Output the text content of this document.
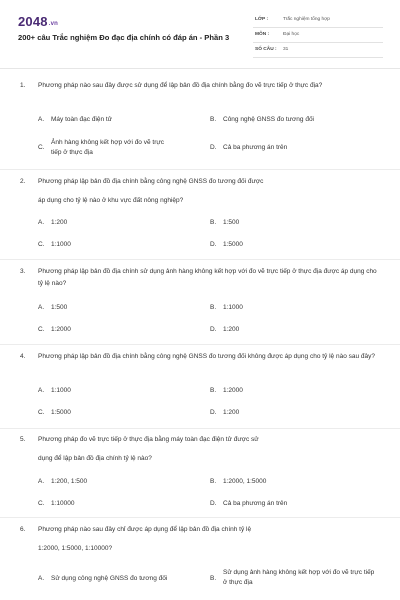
2048.vn
200+ câu Trắc nghiệm Đo đạc địa chính có đáp án - Phần 3
LỚP :	Trắc nghiệm tổng hợp
MÔN :	Đại học
SỐ CÂU : 31
1. Phương pháp nào sau đây được sử dụng để lập bản đồ địa chính bằng đo vẽ trực tiếp ở thực địa?
A. Máy toàn đạc điện tử	B. Công nghệ GNSS đo tương đối
C.
Ảnh hàng không kết hợp với đo vẽ trực tiếp ở thực địa
D. Cả ba phương án trên
2. Phương pháp lập bản đồ địa chính bằng công nghệ GNSS đo tương đối được
áp dụng cho tỷ lệ nào ở khu vực đất nông nghiệp?
A. 1:200	B. 1:500
C. 1:1000	D. 1:5000
3. Phương pháp lập bản đồ địa chính sử dụng ảnh hàng không kết hợp với đo vẽ trực tiếp ở thực địa được áp dụng cho tỷ lệ nào?
A. 1:500	B. 1:1000
C. 1:2000	D. 1:200
4. Phương pháp lập bản đồ địa chính bằng công nghệ GNSS đo tương đối không được áp dụng cho tỷ lệ nào sau đây?
A. 1:1000	B. 1:2000
C. 1:5000	D. 1:200
5. Phương pháp đo vẽ trực tiếp ở thực địa bằng máy toàn đạc điện tử được sử
dụng để lập bản đồ địa chính tỷ lệ nào?
A. 1:200, 1:500	B. 1:2000, 1:5000
C. 1:10000	D. Cả ba phương án trên
6. Phương pháp nào sau đây chỉ được áp dụng để lập bản đồ địa chính tỷ lệ
1:2000, 1:5000, 1:10000?
A. Sử dụng công nghệ GNSS đo tương đối	B.
Sử dụng ảnh hàng không kết hợp với đo vẽ trực tiếp ở thực địa
